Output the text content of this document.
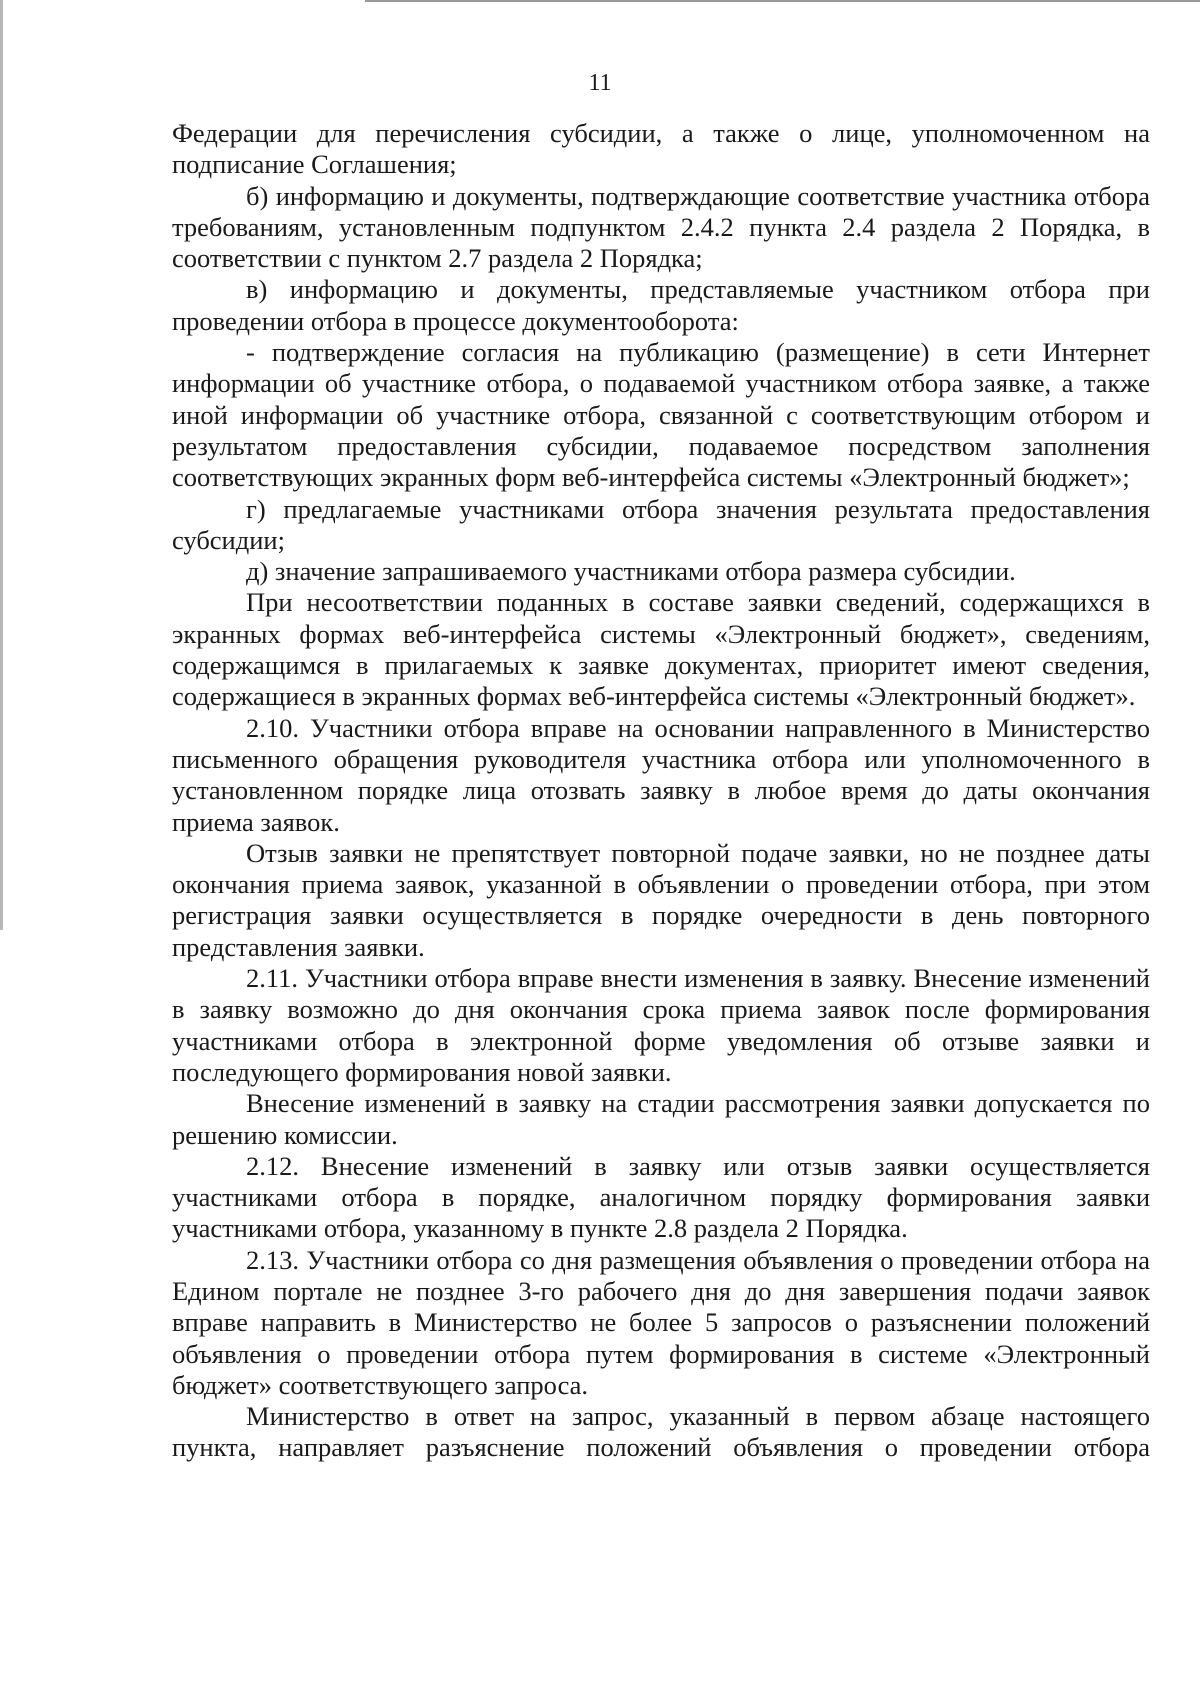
11

Федерации для перечисления субсидии, а также о лице, уполномоченном на подписание Соглашения;

б) информацию и документы, подтверждающие соответствие участника отбора требованиям, установленным подпунктом 2.4.2 пункта 2.4 раздела 2 Порядка, в соответствии с пунктом 2.7 раздела 2 Порядка;

в) информацию и документы, представляемые участником отбора при проведении отбора в процессе документооборота:

- подтверждение согласия на публикацию (размещение) в сети Интернет информации об участнике отбора, о подаваемой участником отбора заявке, а также иной информации об участнике отбора, связанной с соответствующим отбором и результатом предоставления субсидии, подаваемое посредством заполнения соответствующих экранных форм веб-интерфейса системы «Электронный бюджет»;

г) предлагаемые участниками отбора значения результата предоставления субсидии;

д) значение запрашиваемого участниками отбора размера субсидии.

При несоответствии поданных в составе заявки сведений, содержащихся в экранных формах веб-интерфейса системы «Электронный бюджет», сведениям, содержащимся в прилагаемых к заявке документах, приоритет имеют сведения, содержащиеся в экранных формах веб-интерфейса системы «Электронный бюджет».

2.10. Участники отбора вправе на основании направленного в Министерство письменного обращения руководителя участника отбора или уполномоченного в установленном порядке лица отозвать заявку в любое время до даты окончания приема заявок.

Отзыв заявки не препятствует повторной подаче заявки, но не позднее даты окончания приема заявок, указанной в объявлении о проведении отбора, при этом регистрация заявки осуществляется в порядке очередности в день повторного представления заявки.

2.11. Участники отбора вправе внести изменения в заявку. Внесение изменений в заявку возможно до дня окончания срока приема заявок после формирования участниками отбора в электронной форме уведомления об отзыве заявки и последующего формирования новой заявки.

Внесение изменений в заявку на стадии рассмотрения заявки допускается по решению комиссии.

2.12. Внесение изменений в заявку или отзыв заявки осуществляется участниками отбора в порядке, аналогичном порядку формирования заявки участниками отбора, указанному в пункте 2.8 раздела 2 Порядка.

2.13. Участники отбора со дня размещения объявления о проведении отбора на Едином портале не позднее 3-го рабочего дня до дня завершения подачи заявок вправе направить в Министерство не более 5 запросов о разъяснении положений объявления о проведении отбора путем формирования в системе «Электронный бюджет» соответствующего запроса.

Министерство в ответ на запрос, указанный в первом абзаце настоящего пункта, направляет разъяснение положений объявления о проведении отбора
